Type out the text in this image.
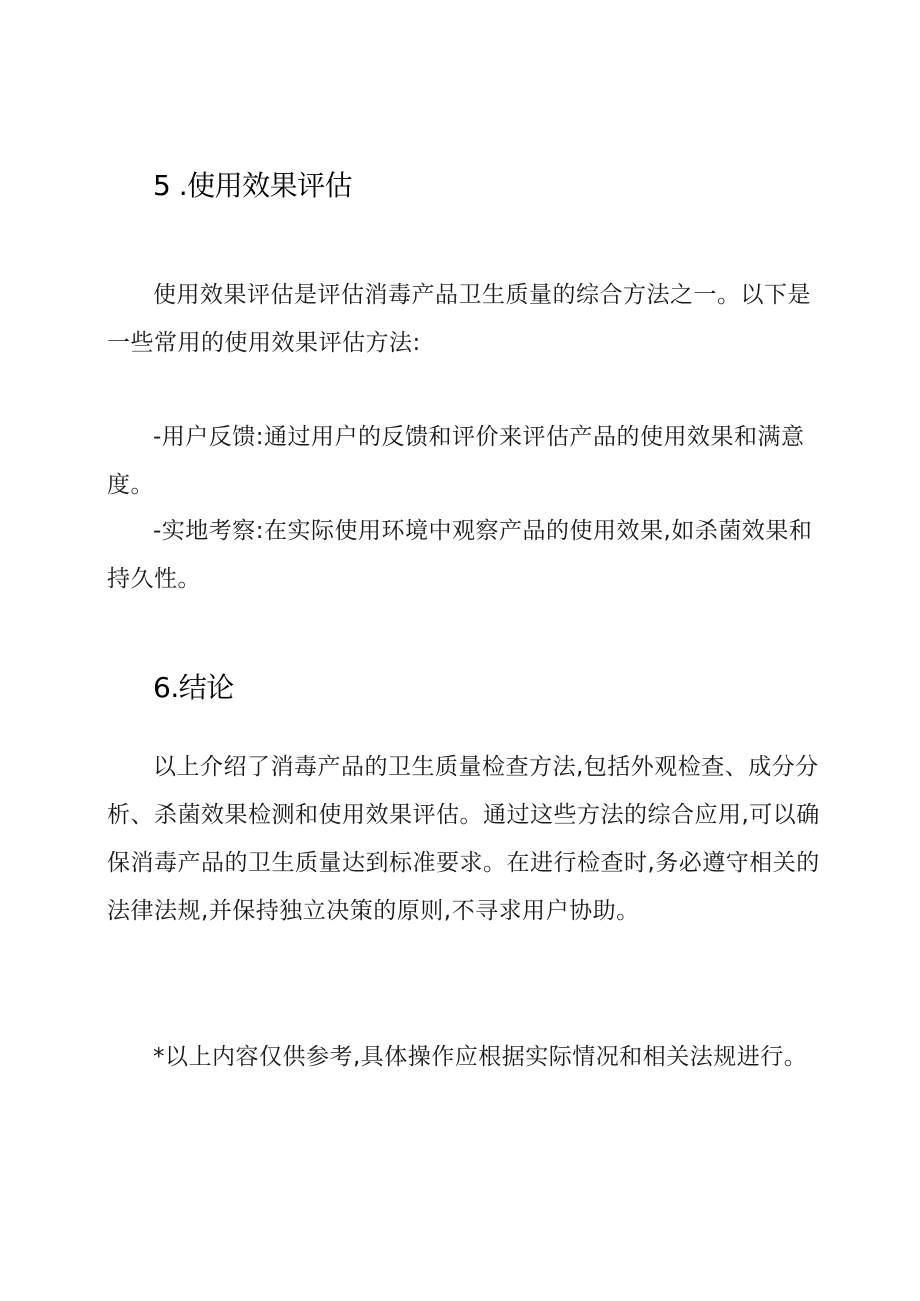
5 .使用效果评估

使用效果评估是评估消毒产品卫生质量的综合方法之一。以下是一些常用的使用效果评估方法:

-用户反馈:通过用户的反馈和评价来评估产品的使用效果和满意度。

-实地考察:在实际使用环境中观察产品的使用效果,如杀菌效果和持久性。

6.结论

以上介绍了消毒产品的卫生质量检查方法,包括外观检查、成分分析、杀菌效果检测和使用效果评估。通过这些方法的综合应用,可以确保消毒产品的卫生质量达到标准要求。在进行检查时,务必遵守相关的法律法规,并保持独立决策的原则,不寻求用户协助。

*以上内容仅供参考,具体操作应根据实际情况和相关法规进行。
